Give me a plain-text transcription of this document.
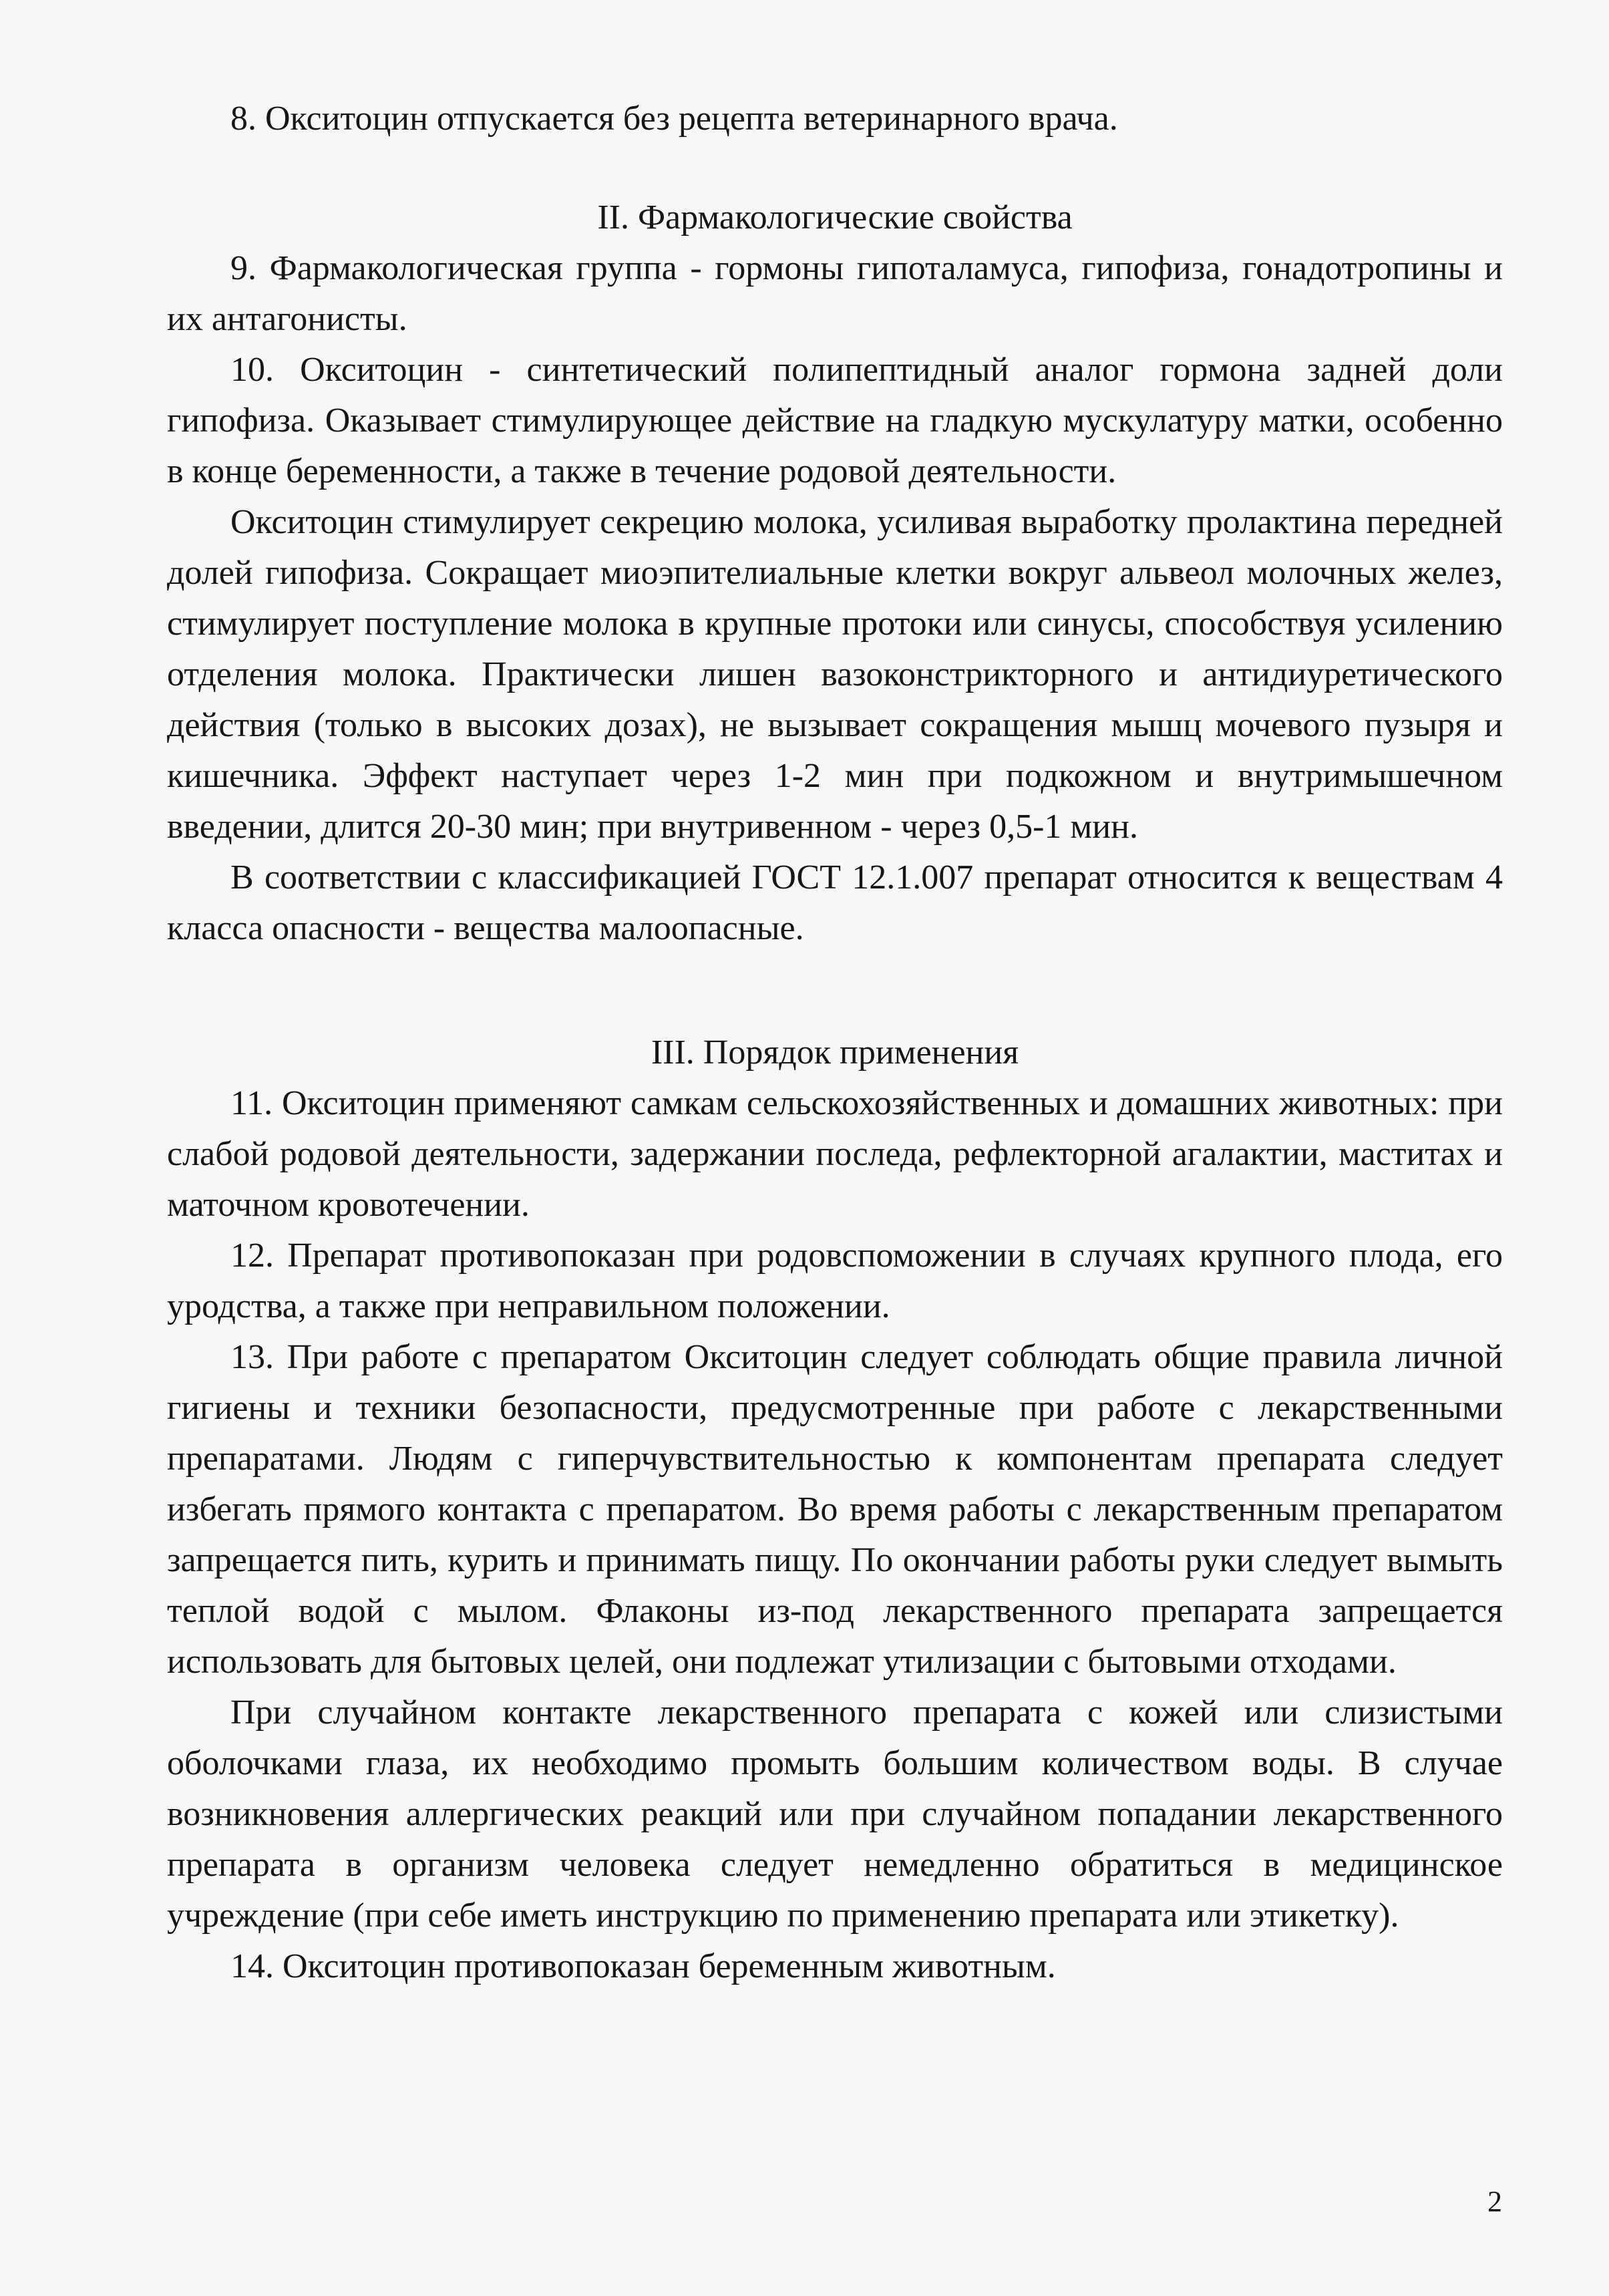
8. Окситоцин отпускается без рецепта ветеринарного врача.

II. Фармакологические свойства

9. Фармакологическая группа - гормоны гипоталамуса, гипофиза, гонадотропины и их антагонисты.

10. Окситоцин - синтетический полипептидный аналог гормона задней доли гипофиза. Оказывает стимулирующее действие на гладкую мускулатуру матки, особенно в конце беременности, а также в течение родовой деятельности.

Окситоцин стимулирует секрецию молока, усиливая выработку пролактина передней долей гипофиза. Сокращает миоэпителиальные клетки вокруг альвеол молочных желез, стимулирует поступление молока в крупные протоки или синусы, способствуя усилению отделения молока. Практически лишен вазоконстрикторного и антидиуретического действия (только в высоких дозах), не вызывает сокращения мышц мочевого пузыря и кишечника. Эффект наступает через 1-2 мин при подкожном и внутримышечном введении, длится 20-30 мин; при внутривенном - через 0,5-1 мин.

В соответствии с классификацией ГОСТ 12.1.007 препарат относится к веществам 4 класса опасности - вещества малоопасные.

III. Порядок применения

11. Окситоцин применяют самкам сельскохозяйственных и домашних животных: при слабой родовой деятельности, задержании последа, рефлекторной агалактии, маститах и маточном кровотечении.

12. Препарат противопоказан при родовспоможении в случаях крупного плода, его уродства, а также при неправильном положении.

13. При работе с препаратом Окситоцин следует соблюдать общие правила личной гигиены и техники безопасности, предусмотренные при работе с лекарственными препаратами. Людям с гиперчувствительностью к компонентам препарата следует избегать прямого контакта с препаратом. Во время работы с лекарственным препаратом запрещается пить, курить и принимать пищу. По окончании работы руки следует вымыть теплой водой с мылом. Флаконы из-под лекарственного препарата запрещается использовать для бытовых целей, они подлежат утилизации с бытовыми отходами.

При случайном контакте лекарственного препарата с кожей или слизистыми оболочками глаза, их необходимо промыть большим количеством воды. В случае возникновения аллергических реакций или при случайном попадании лекарственного препарата в организм человека следует немедленно обратиться в медицинское учреждение (при себе иметь инструкцию по применению препарата или этикетку).

14. Окситоцин противопоказан беременным животным.

2
